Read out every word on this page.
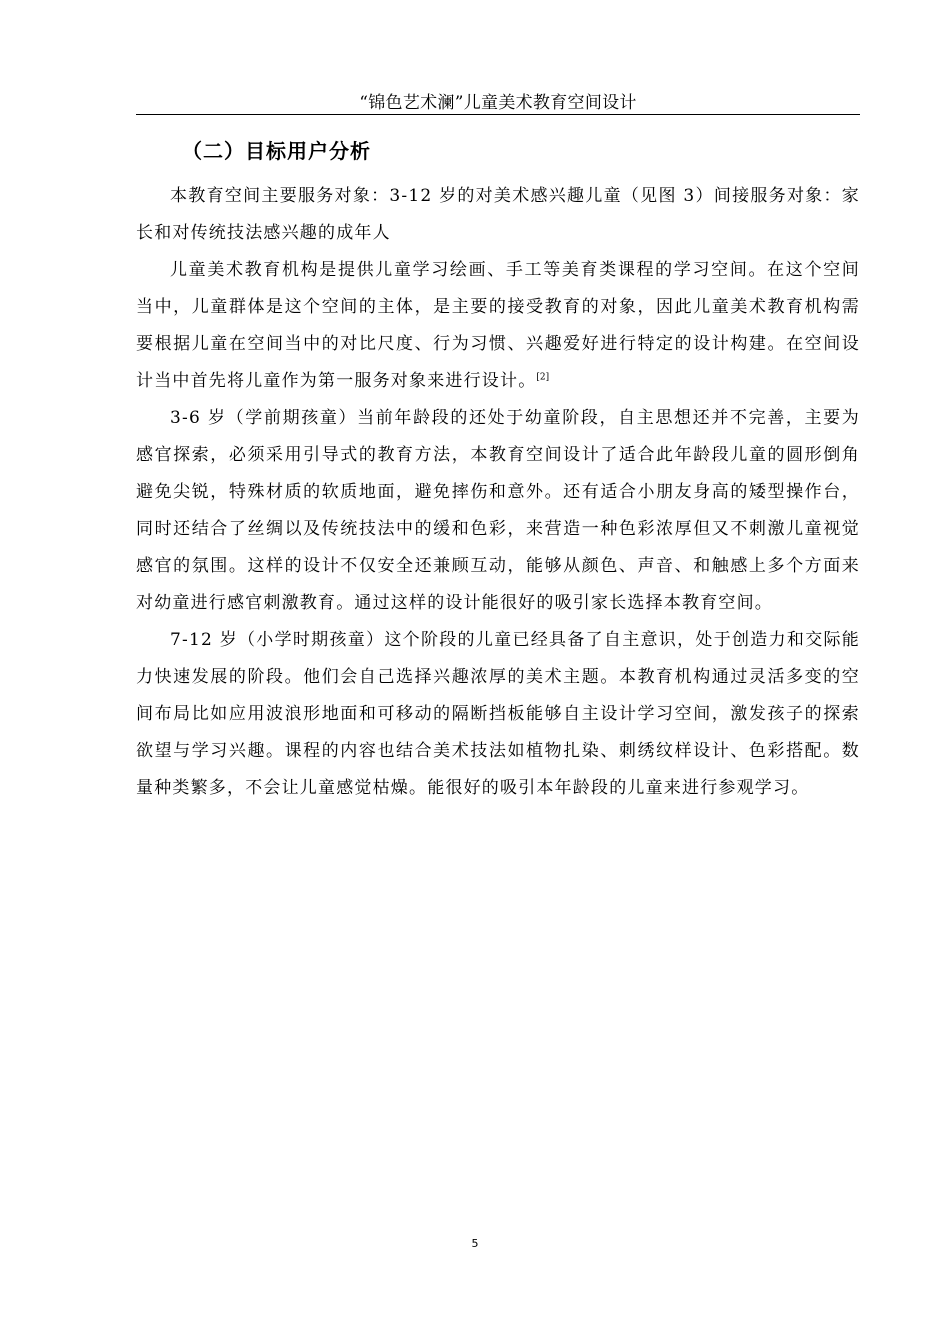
“锦色艺术澜”儿童美术教育空间设计
（二）目标用户分析

本教育空间主要服务对象：3-12 岁的对美术感兴趣儿童（见图 3）间接服务对象：家长和对传统技法感兴趣的成年人

儿童美术教育机构是提供儿童学习绘画、手工等美育类课程的学习空间。在这个空间当中，儿童群体是这个空间的主体，是主要的接受教育的对象，因此儿童美术教育机构需要根据儿童在空间当中的对比尺度、行为习惯、兴趣爱好进行特定的设计构建。在空间设计当中首先将儿童作为第一服务对象来进行设计。[2]

3-6 岁（学前期孩童）当前年龄段的还处于幼童阶段，自主思想还并不完善，主要为感官探索，必须采用引导式的教育方法，本教育空间设计了适合此年龄段儿童的圆形倒角避免尖锐，特殊材质的软质地面，避免摔伤和意外。还有适合小朋友身高的矮型操作台，同时还结合了丝绸以及传统技法中的缓和色彩，来营造一种色彩浓厚但又不刺激儿童视觉感官的氛围。这样的设计不仅安全还兼顾互动，能够从颜色、声音、和触感上多个方面来对幼童进行感官刺激教育。通过这样的设计能很好的吸引家长选择本教育空间。

7-12 岁（小学时期孩童）这个阶段的儿童已经具备了自主意识，处于创造力和交际能力快速发展的阶段。他们会自己选择兴趣浓厚的美术主题。本教育机构通过灵活多变的空间布局比如应用波浪形地面和可移动的隔断挡板能够自主设计学习空间，激发孩子的探索欲望与学习兴趣。课程的内容也结合美术技法如植物扎染、刺绣纹样设计、色彩搭配。数量种类繁多，不会让儿童感觉枯燥。能很好的吸引本年龄段的儿童来进行参观学习。

5
